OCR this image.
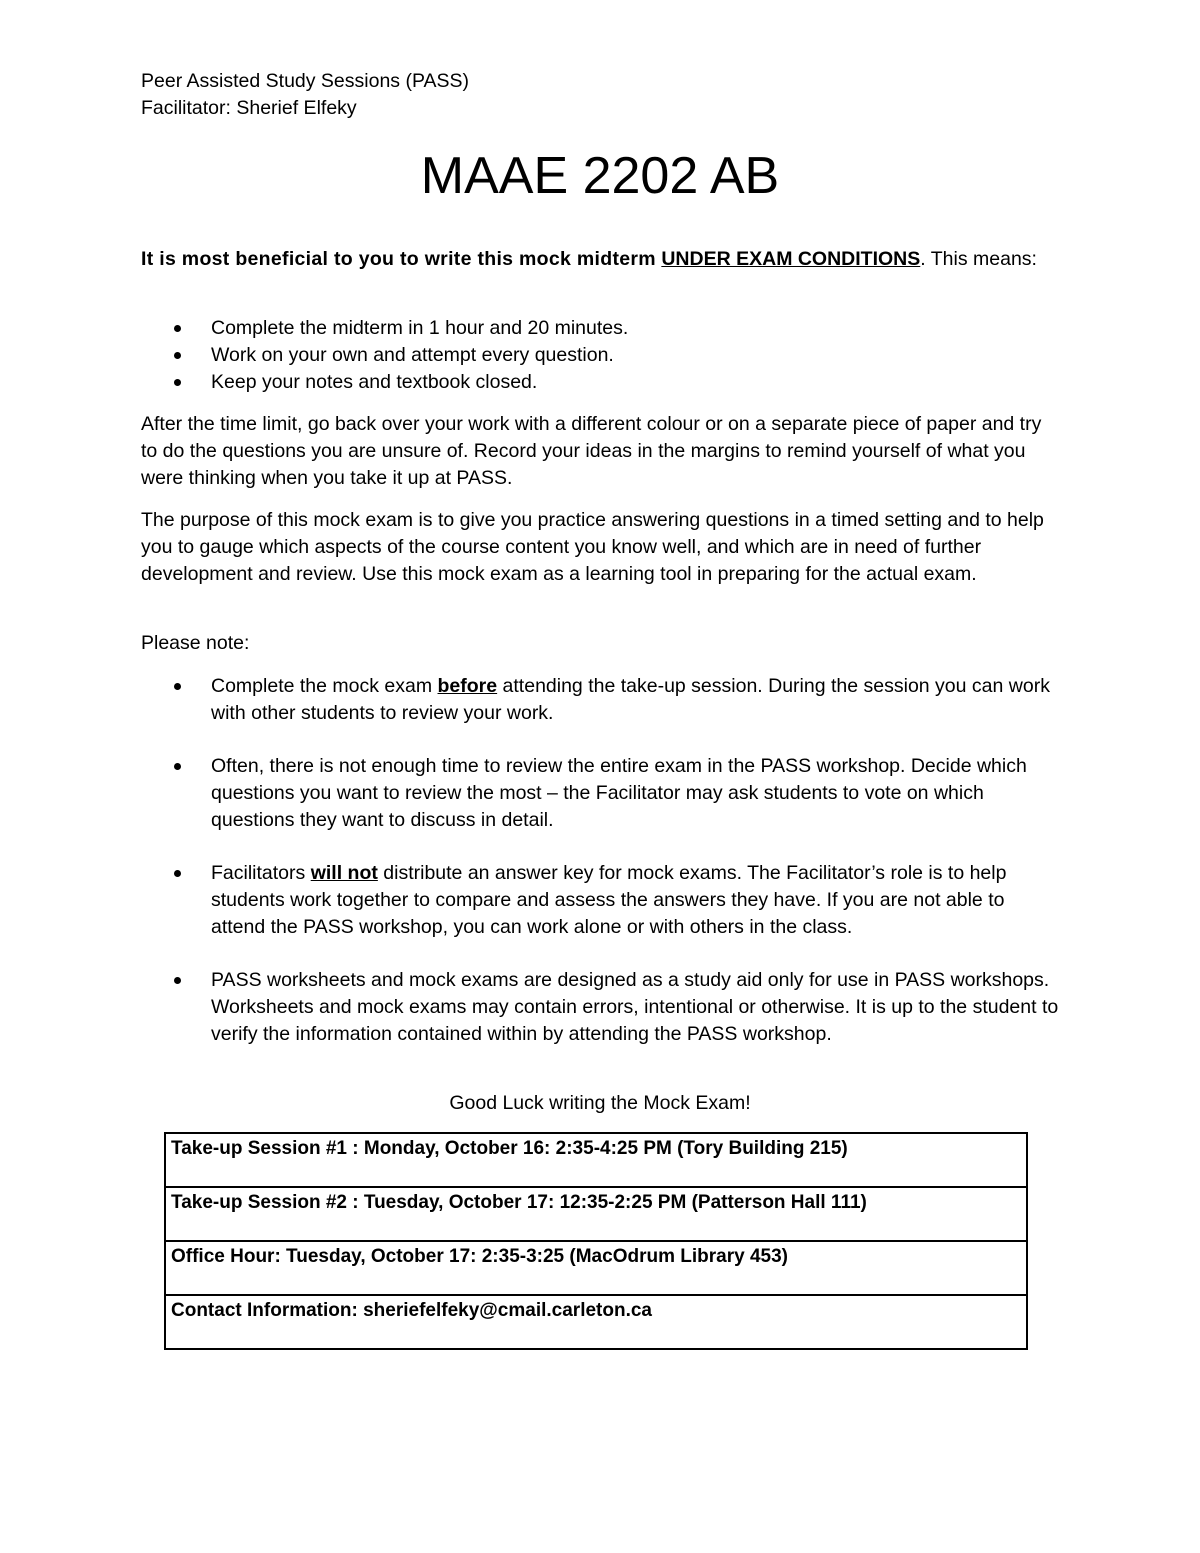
Peer Assisted Study Sessions (PASS)
Facilitator: Sherief Elfeky
MAAE 2202 AB
It is most beneficial to you to write this mock midterm UNDER EXAM CONDITIONS. This means:
Complete the midterm in 1 hour and 20 minutes.
Work on your own and attempt every question.
Keep your notes and textbook closed.
After the time limit, go back over your work with a different colour or on a separate piece of paper and try to do the questions you are unsure of. Record your ideas in the margins to remind yourself of what you were thinking when you take it up at PASS.
The purpose of this mock exam is to give you practice answering questions in a timed setting and to help you to gauge which aspects of the course content you know well, and which are in need of further development and review. Use this mock exam as a learning tool in preparing for the actual exam.
Please note:
Complete the mock exam before attending the take-up session. During the session you can work with other students to review your work.
Often, there is not enough time to review the entire exam in the PASS workshop. Decide which questions you want to review the most – the Facilitator may ask students to vote on which questions they want to discuss in detail.
Facilitators will not distribute an answer key for mock exams. The Facilitator’s role is to help students work together to compare and assess the answers they have. If you are not able to attend the PASS workshop, you can work alone or with others in the class.
PASS worksheets and mock exams are designed as a study aid only for use in PASS workshops. Worksheets and mock exams may contain errors, intentional or otherwise. It is up to the student to verify the information contained within by attending the PASS workshop.
Good Luck writing the Mock Exam!
Take-up Session #1 : Monday, October 16: 2:35-4:25 PM (Tory Building 215)
Take-up Session #2 : Tuesday, October 17: 12:35-2:25 PM (Patterson Hall 111)
Office Hour: Tuesday, October 17: 2:35-3:25 (MacOdrum Library 453)
Contact Information: sheriefelfeky@cmail.carleton.ca
